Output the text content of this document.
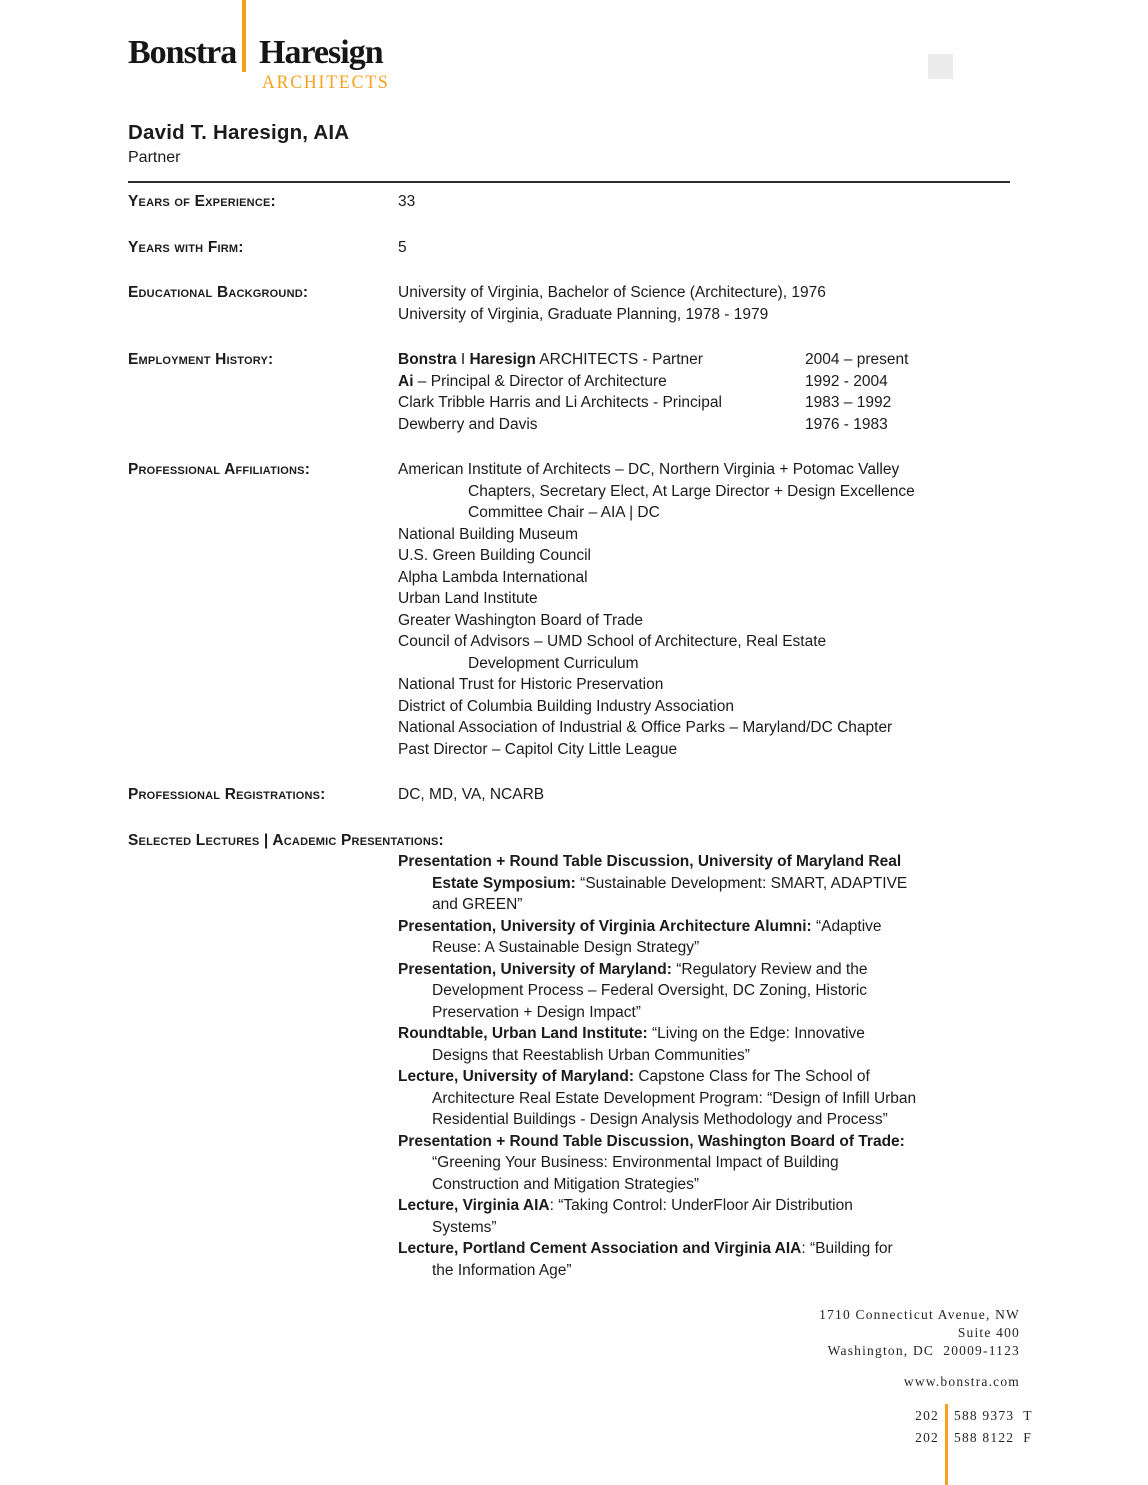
Bonstra Haresign
ARCHITECTS
David T. Haresign, AIA
Partner
Years of Experience:	33
Years with Firm:	5
Educational Background:	University of Virginia, Bachelor of Science (Architecture), 1976
University of Virginia, Graduate Planning, 1978 - 1979
Employment History:	Bonstra I Haresign ARCHITECTS - Partner	2004 – present
Ai – Principal & Director of Architecture	1992 - 2004
Clark Tribble Harris and Li Architects - Principal	1983 – 1992
Dewberry and Davis	1976 - 1983
Professional Affiliations:	American Institute of Architects – DC, Northern Virginia + Potomac Valley
Chapters, Secretary Elect, At Large Director + Design Excellence
Committee Chair – AIA | DC
National Building Museum
U.S. Green Building Council
Alpha Lambda International
Urban Land Institute
Greater Washington Board of Trade
Council of Advisors – UMD School of Architecture, Real Estate
Development Curriculum
National Trust for Historic Preservation
District of Columbia Building Industry Association
National Association of Industrial & Office Parks – Maryland/DC Chapter
Past Director – Capitol City Little League
Professional Registrations:	DC, MD, VA, NCARB
Selected Lectures | Academic Presentations:
Presentation + Round Table Discussion, University of Maryland Real
Estate Symposium: “Sustainable Development: SMART, ADAPTIVE
and GREEN”
Presentation, University of Virginia Architecture Alumni: “Adaptive
Reuse: A Sustainable Design Strategy”
Presentation, University of Maryland: “Regulatory Review and the
Development Process – Federal Oversight, DC Zoning, Historic
Preservation + Design Impact”
Roundtable, Urban Land Institute: “Living on the Edge: Innovative
Designs that Reestablish Urban Communities”
Lecture, University of Maryland: Capstone Class for The School of
Architecture Real Estate Development Program: “Design of Infill Urban
Residential Buildings - Design Analysis Methodology and Process”
Presentation + Round Table Discussion, Washington Board of Trade:
“Greening Your Business: Environmental Impact of Building
Construction and Mitigation Strategies”
Lecture, Virginia AIA: “Taking Control: UnderFloor Air Distribution
Systems”
Lecture, Portland Cement Association and Virginia AIA: “Building for
the Information Age”
1710 Connecticut Avenue, NW
Suite 400
Washington, DC  20009-1123
www.bonstra.com
202 588 9373 T
202 588 8122 F
